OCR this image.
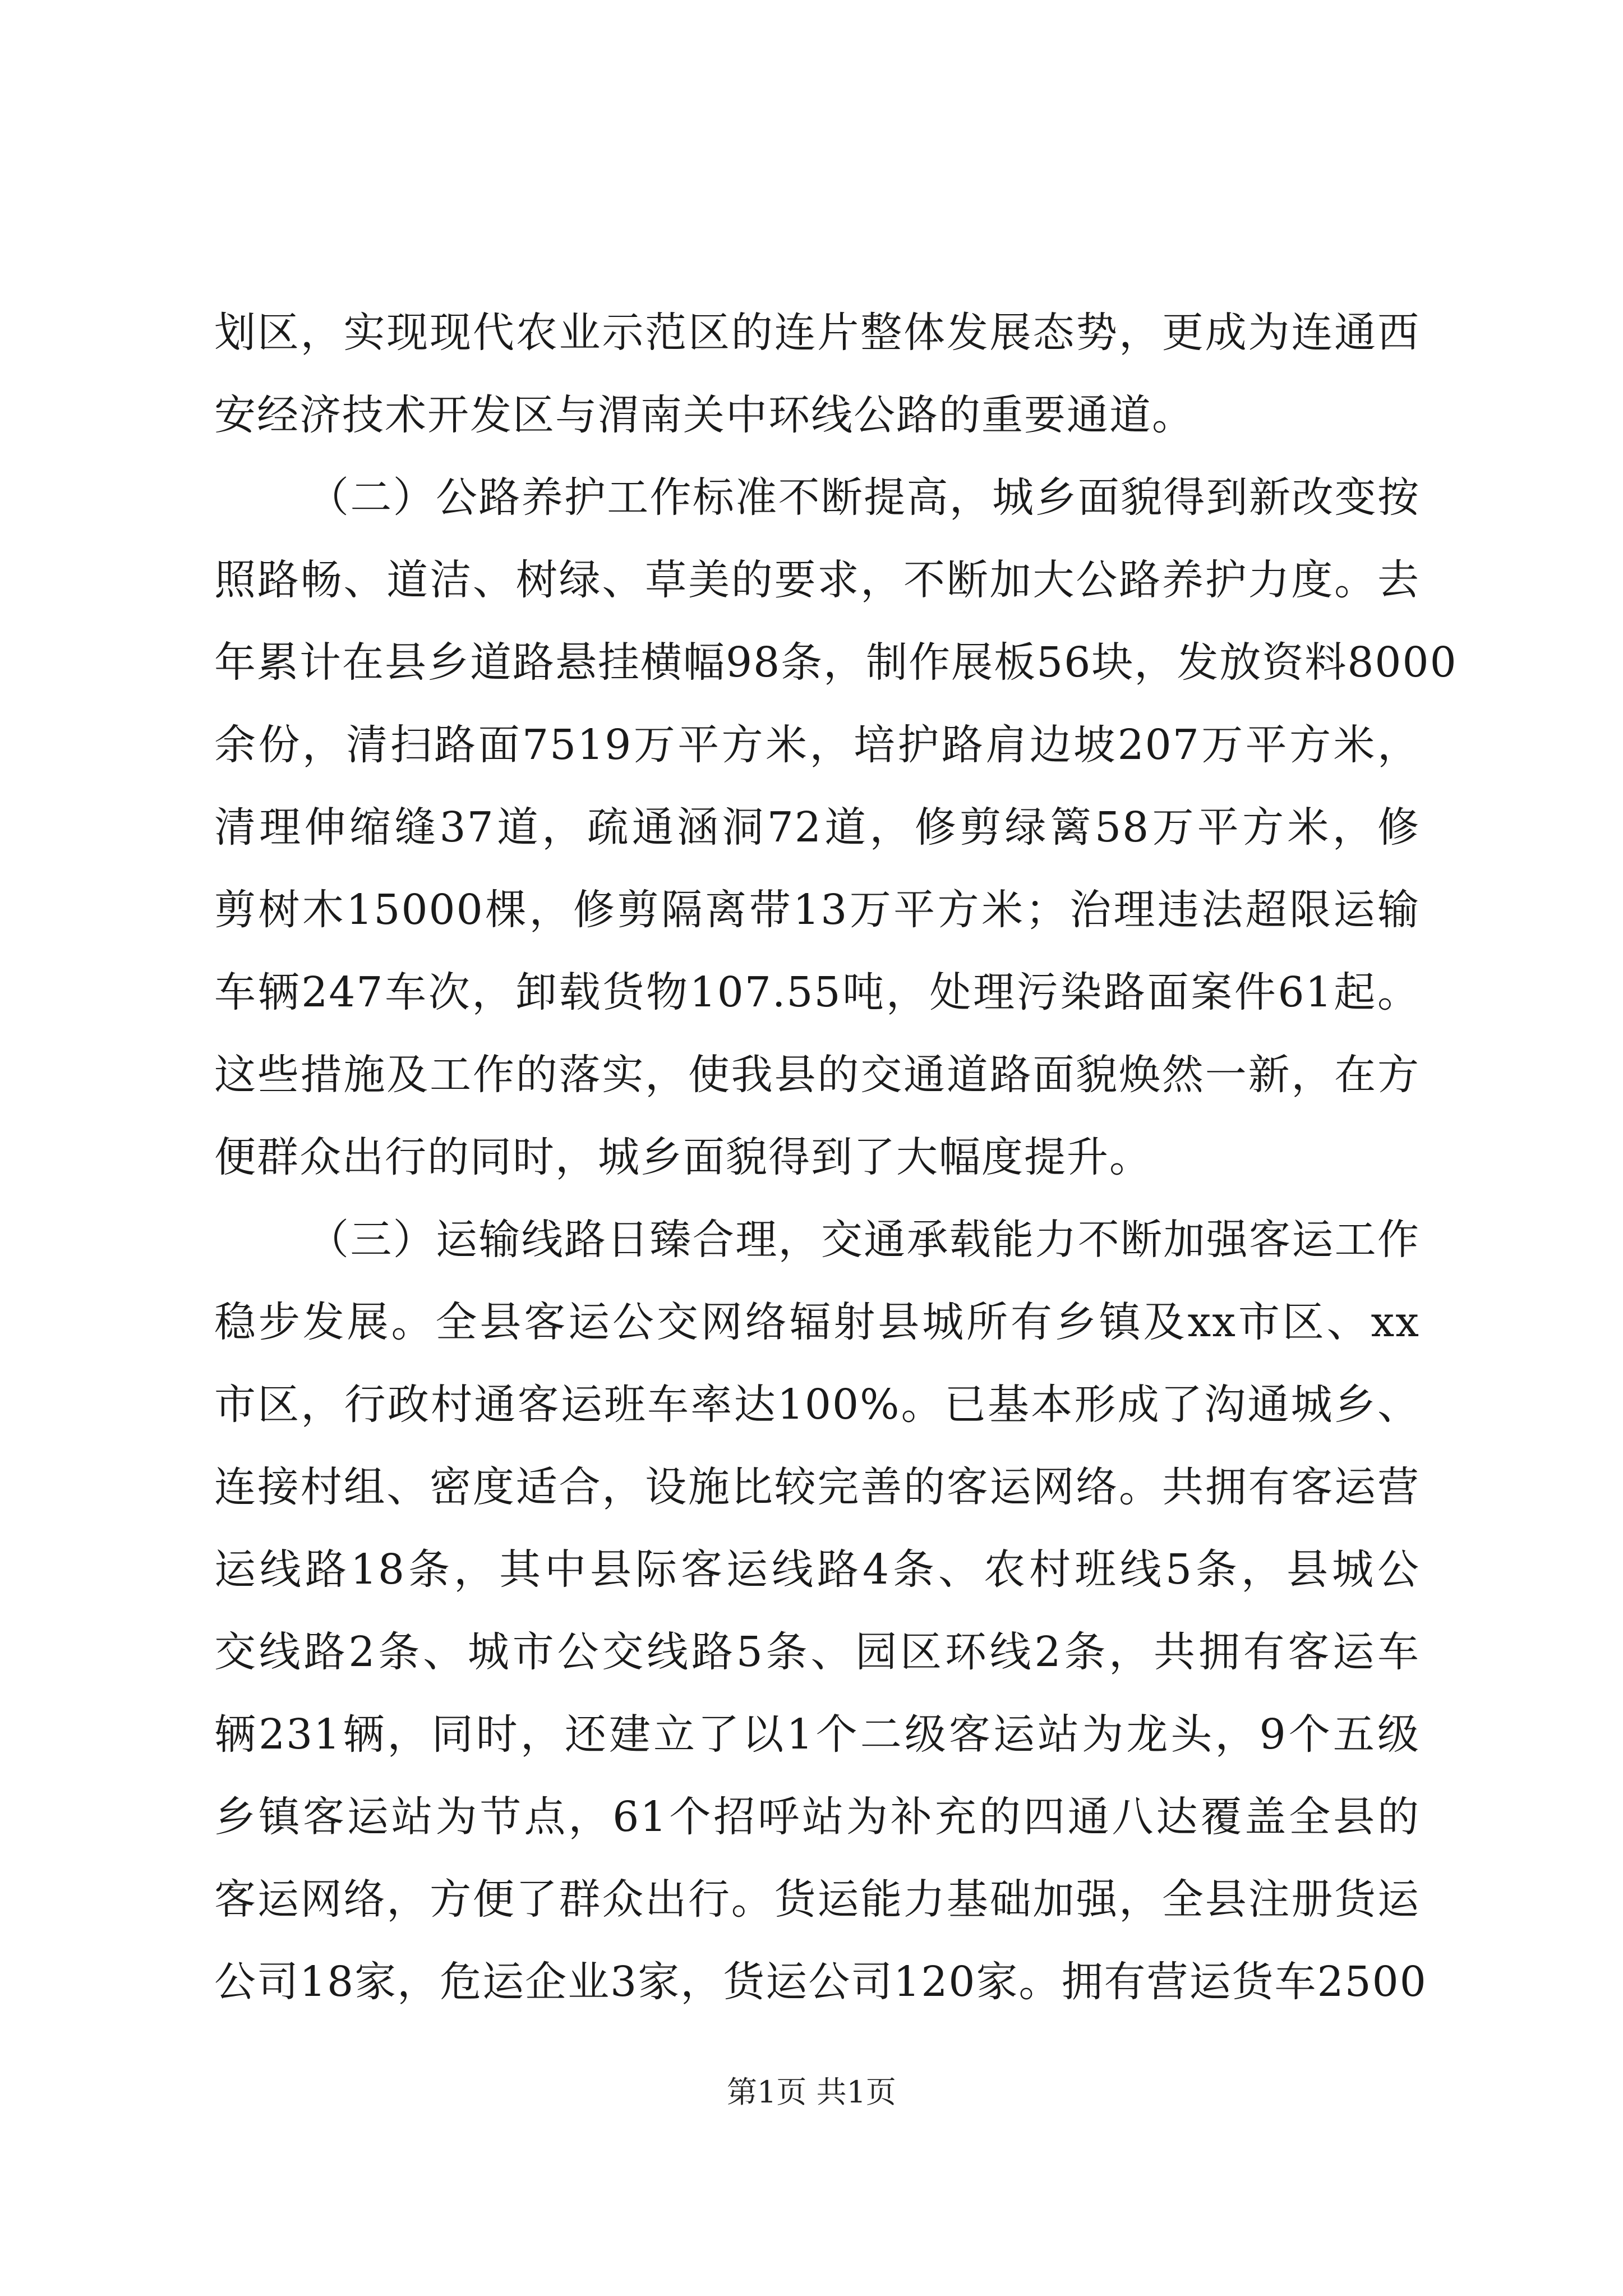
划区，实现现代农业示范区的连片整体发展态势，更成为连通西
安经济技术开发区与渭南关中环线公路的重要通道。
（二）公路养护工作标准不断提高，城乡面貌得到新改变按
照路畅、道洁、树绿、草美的要求，不断加大公路养护力度。去
年累计在县乡道路悬挂横幅98条，制作展板56块，发放资料8000
余份，清扫路面7519万平方米，培护路肩边坡207万平方米，
清理伸缩缝37道，疏通涵洞72道，修剪绿篱58万平方米，修
剪树木15000棵，修剪隔离带13万平方米；治理违法超限运输
车辆247车次，卸载货物107.55吨，处理污染路面案件61起。
这些措施及工作的落实，使我县的交通道路面貌焕然一新，在方
便群众出行的同时，城乡面貌得到了大幅度提升。
（三）运输线路日臻合理，交通承载能力不断加强客运工作
稳步发展。全县客运公交网络辐射县城所有乡镇及xx市区、xx
市区，行政村通客运班车率达100%。已基本形成了沟通城乡、
连接村组、密度适合，设施比较完善的客运网络。共拥有客运营
运线路18条，其中县际客运线路4条、农村班线5条，县城公
交线路2条、城市公交线路5条、园区环线2条，共拥有客运车
辆231辆，同时，还建立了以1个二级客运站为龙头，9个五级
乡镇客运站为节点，61个招呼站为补充的四通八达覆盖全县的
客运网络，方便了群众出行。货运能力基础加强，全县注册货运
公司18家，危运企业3家，货运公司120家。拥有营运货车2500
第1页 共1页
